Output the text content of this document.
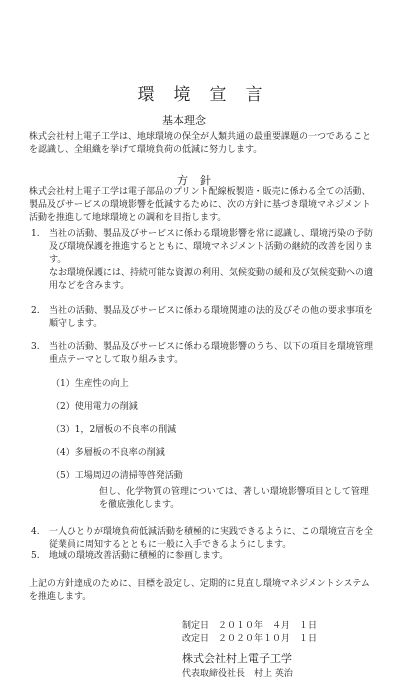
環境宣言
基本理念

株式会社村上電子工学は、地球環境の保全が人類共通の最重要課題の一つであることを認識し、全組織を挙げて環境負荷の低減に努力します。

方針

株式会社村上電子工学は電子部品のプリント配線板製造・販売に係わる全ての活動、製品及びサービスの環境影響を低減するために、次の方針に基づき環境マネジメント活動を推進して地球環境との調和を目指します。

1.	当社の活動、製品及びサービスに係わる環境影響を常に認識し、環境汚染の予防及び環境保護を推進するとともに、環境マネジメント活動の継続的改善を図ります。
なお環境保護には、持続可能な資源の利用、気候変動の緩和及び気候変動への適用などを含みます。
2.	当社の活動、製品及びサービスに係わる環境関連の法的及びその他の要求事項を順守します。
3.	当社の活動、製品及びサービスに係わる環境影響のうち、以下の項目を環境管理重点テーマとして取り組みます。
（1）生産性の向上
（2）使用電力の削減
（3）1，2層板の不良率の削減
（4）多層板の不良率の削減
（5）工場周辺の清掃等啓発活動
但し、化学物質の管理については、著しい環境影響項目として管理を徹底強化します。
4.	一人ひとりが環境負荷低減活動を積極的に実践できるように、この環境宣言を全従業員に周知するとともに一般に入手できるようにします。
5.	地域の環境改善活動に積極的に参画します。
上記の方針達成のために、目標を設定し、定期的に見直し環境マネジメントシステムを推進します。
制定日　２０１０年　４月　１日
改定日　２０２０年１０月　１日
株式会社村上電子工学
代表取締役社長　村上 英治
